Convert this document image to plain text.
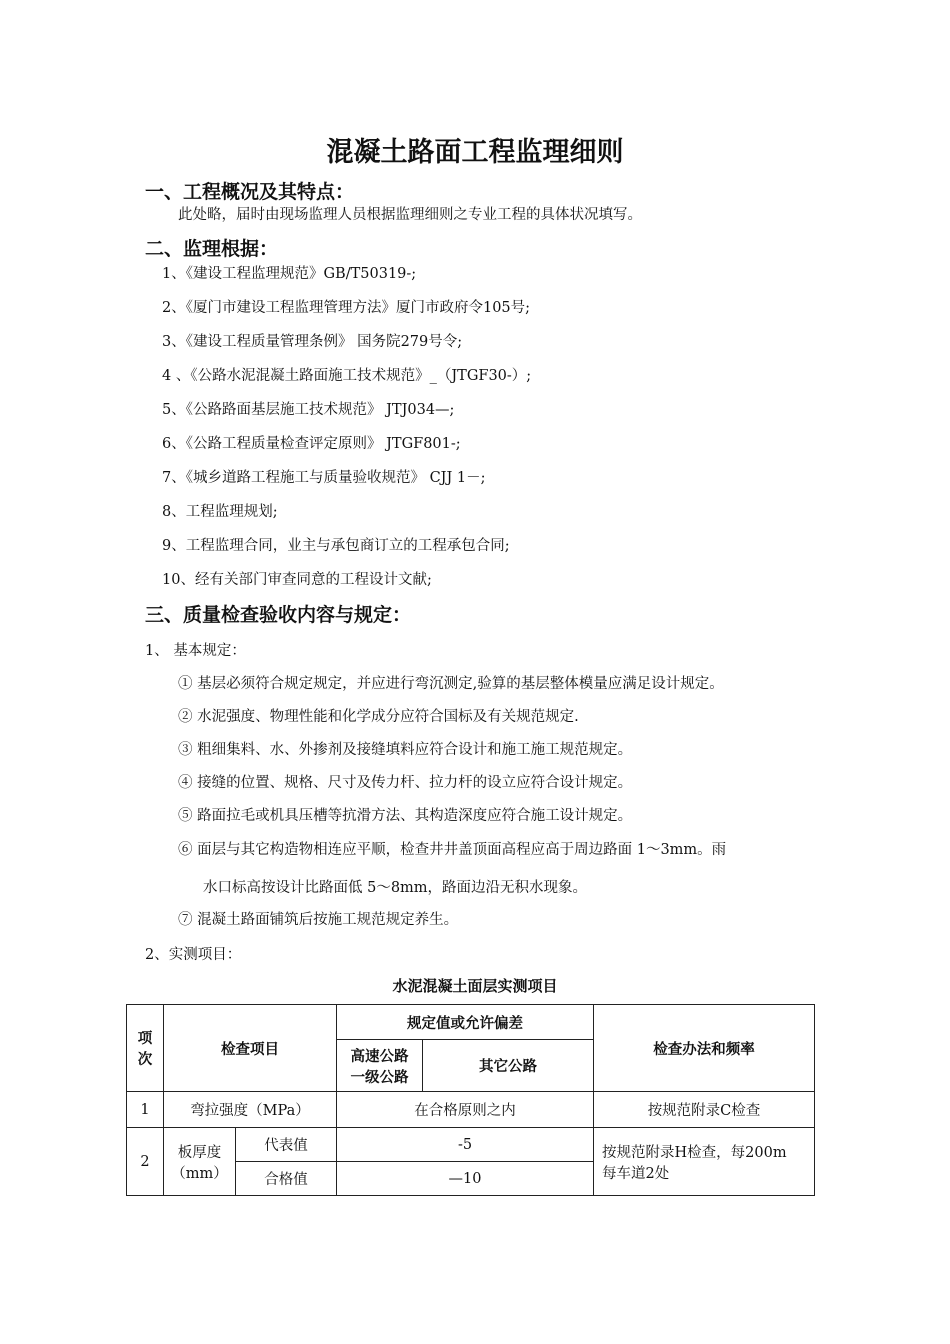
混凝土路面工程监理细则
一、工程概况及其特点：
此处略，届时由现场监理人员根据监理细则之专业工程的具体状况填写。
二、监理根据：
1、《建设工程监理规范》GB/T50319-;
2、《厦门市建设工程监理管理方法》厦门市政府令105号;
3、《建设工程质量管理条例》 国务院279号令;
4 、《公路水泥混凝土路面施工技术规范》_（JTGF30-）;
5、《公路路面基层施工技术规范》 JTJ034—;
6、《公路工程质量检查评定原则》 JTGF801-;
7、《城乡道路工程施工与质量验收规范》 CJJ 1－;
8、工程监理规划;
9、工程监理合同，业主与承包商订立的工程承包合同;
10、经有关部门审查同意的工程设计文献;
三、质量检查验收内容与规定：
1、 基本规定：
① 基层必须符合规定规定，并应进行弯沉测定,验算的基层整体模量应满足设计规定。
② 水泥强度、物理性能和化学成分应符合国标及有关规范规定.
③ 粗细集料、水、外掺剂及接缝填料应符合设计和施工施工规范规定。
④ 接缝的位置、规格、尺寸及传力杆、拉力杆的设立应符合设计规定。
⑤ 路面拉毛或机具压槽等抗滑方法、其构造深度应符合施工设计规定。
⑥ 面层与其它构造物相连应平顺，检查井井盖顶面高程应高于周边路面 1～3mm。雨
水口标高按设计比路面低 5～8mm，路面边沿无积水现象。
⑦ 混凝土路面铺筑后按施工规范规定养生。
2、实测项目：
水泥混凝土面层实测项目
项
次	检查项目		规定值或允许偏差		检查办法和频率
			高速公路
一级公路	其它公路	
1	弯拉强度（MPa）		在合格原则之内		按规范附录C检查
2	板厚度
（mm）	代表值	-5		按规范附录H检查，每200m
每车道2处
		合格值	—10		
